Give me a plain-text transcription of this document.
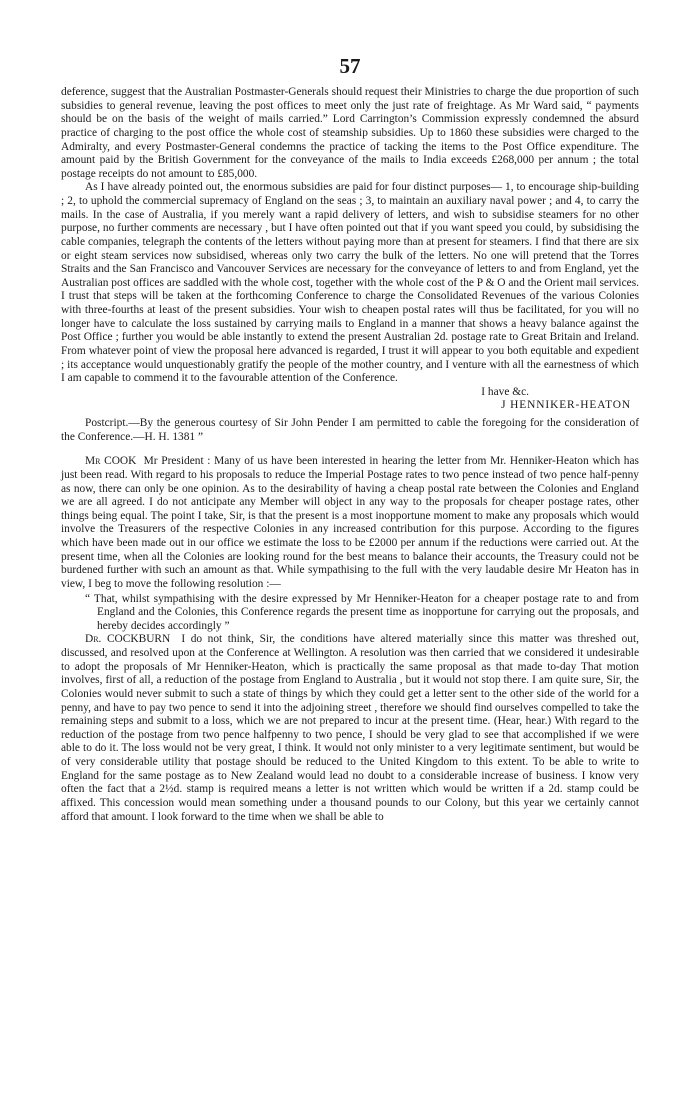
57

deference, suggest that the Australian Postmaster-Generals should request their Ministries to charge the due proportion of such subsidies to general revenue, leaving the post offices to meet only the just rate of freightage. As Mr Ward said, “ payments should be on the basis of the weight of mails carried.” Lord Carrington’s Commission expressly condemned the absurd practice of charging to the post office the whole cost of steamship subsidies. Up to 1860 these subsidies were charged to the Admiralty, and every Postmaster-General condemns the practice of tacking the items to the Post Office expenditure. The amount paid by the British Government for the conveyance of the mails to India exceeds £268,000 per annum ; the total postage receipts do not amount to £85,000.

As I have already pointed out, the enormous subsidies are paid for four distinct purposes— 1, to encourage ship-building ; 2, to uphold the commercial supremacy of England on the seas ; 3, to maintain an auxiliary naval power ; and 4, to carry the mails. In the case of Australia, if you merely want a rapid delivery of letters, and wish to subsidise steamers for no other purpose, no further comments are necessary , but I have often pointed out that if you want speed you could, by subsidising the cable companies, telegraph the contents of the letters without paying more than at present for steamers. I find that there are six or eight steam services now subsidised, whereas only two carry the bulk of the letters. No one will pretend that the Torres Straits and the San Francisco and Vancouver Services are necessary for the conveyance of letters to and from England, yet the Australian post offices are saddled with the whole cost, together with the whole cost of the P & O and the Orient mail services. I trust that steps will be taken at the forthcoming Conference to charge the Consolidated Revenues of the various Colonies with three-fourths at least of the present subsidies. Your wish to cheapen postal rates will thus be facilitated, for you will no longer have to calculate the loss sustained by carrying mails to England in a manner that shows a heavy balance against the Post Office ; further you would be able instantly to extend the present Australian 2d. postage rate to Great Britain and Ireland. From whatever point of view the proposal here advanced is regarded, I trust it will appear to you both equitable and expedient ; its acceptance would unquestionably gratify the people of the mother country, and I venture with all the earnestness of which I am capable to commend it to the favourable attention of the Conference.

I have &c.

J HENNIKER-HEATON

Postcript.—By the generous courtesy of Sir John Pender I am permitted to cable the foregoing for the consideration of the Conference.—H. H. 1381 ”

Mr COOK Mr President : Many of us have been interested in hearing the letter from Mr. Henniker-Heaton which has just been read. With regard to his proposals to reduce the Imperial Postage rates to two pence instead of two pence half-penny as now, there can only be one opinion. As to the desirability of having a cheap postal rate between the Colonies and England we are all agreed. I do not anticipate any Member will object in any way to the proposals for cheaper postage rates, other things being equal. The point I take, Sir, is that the present is a most inopportune moment to make any proposals which would involve the Treasurers of the respective Colonies in any increased contribution for this purpose. According to the figures which have been made out in our office we estimate the loss to be £2000 per annum if the reductions were carried out. At the present time, when all the Colonies are looking round for the best means to balance their accounts, the Treasury could not be burdened further with such an amount as that. While sympathising to the full with the very laudable desire Mr Heaton has in view, I beg to move the following resolution :—

“ That, whilst sympathising with the desire expressed by Mr Henniker-Heaton for a cheaper postage rate to and from England and the Colonies, this Conference regards the present time as inopportune for carrying out the proposals, and hereby decides accordingly ”

Dr. COCKBURN I do not think, Sir, the conditions have altered materially since this matter was threshed out, discussed, and resolved upon at the Conference at Wellington. A resolution was then carried that we considered it undesirable to adopt the proposals of Mr Henniker-Heaton, which is practically the same proposal as that made to-day That motion involves, first of all, a reduction of the postage from England to Australia , but it would not stop there. I am quite sure, Sir, the Colonies would never submit to such a state of things by which they could get a letter sent to the other side of the world for a penny, and have to pay two pence to send it into the adjoining street , therefore we should find ourselves compelled to take the remaining steps and submit to a loss, which we are not prepared to incur at the present time. (Hear, hear.) With regard to the reduction of the postage from two pence halfpenny to two pence, I should be very glad to see that accomplished if we were able to do it. The loss would not be very great, I think. It would not only minister to a very legitimate sentiment, but would be of very considerable utility that postage should be reduced to the United Kingdom to this extent. To be able to write to England for the same postage as to New Zealand would lead no doubt to a considerable increase of business. I know very often the fact that a 2½d. stamp is required means a letter is not written which would be written if a 2d. stamp could be affixed. This concession would mean something under a thousand pounds to our Colony, but this year we certainly cannot afford that amount. I look forward to the time when we shall be able to
